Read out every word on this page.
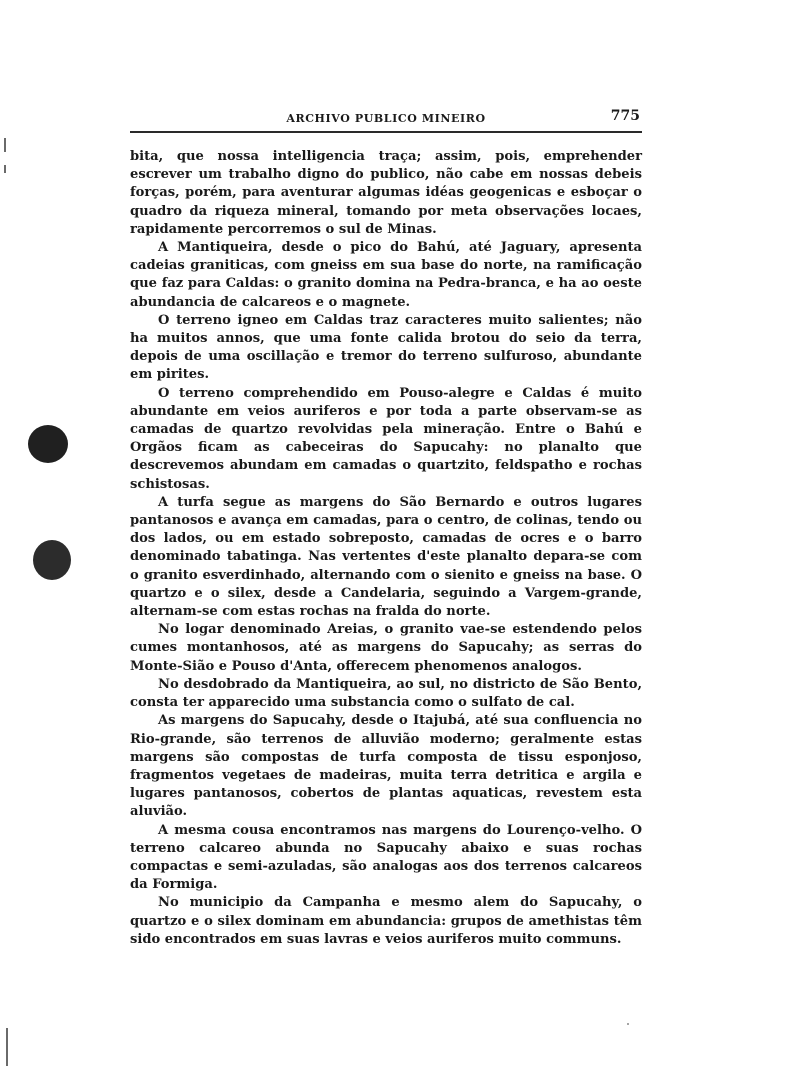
ARCHIVO PUBLICO MINEIRO	775

bita, que nossa intelligencia traça; assim, pois, emprehender escrever um trabalho digno do publico, não cabe em nossas debeis forças, porém, para aventurar algumas idéas geogenicas e esboçar o quadro da riqueza mineral, tomando por meta observações locaes, rapidamente percorremos o sul de Minas.

A Mantiqueira, desde o pico do Bahú, até Jaguary, apresenta cadeias graniticas, com gneiss em sua base do norte, na ramificação que faz para Caldas: o granito domina na Pedra-branca, e ha ao oeste abundancia de calcareos e o magnete.

O terreno igneo em Caldas traz caracteres muito salientes; não ha muitos annos, que uma fonte calida brotou do seio da terra, depois de uma oscillação e tremor do terreno sulfuroso, abundante em pirites.

O terreno comprehendido em Pouso-alegre e Caldas é muito abundante em veios auriferos e por toda a parte observam-se as camadas de quartzo revolvidas pela mineração. Entre o Bahú e Orgãos ficam as cabeceiras do Sapucahy: no planalto que descrevemos abundam em camadas o quartzito, feldspatho e rochas schistosas.

A turfa segue as margens do São Bernardo e outros lugares pantanosos e avança em camadas, para o centro, de colinas, tendo ou dos lados, ou em estado sobreposto, camadas de ocres e o barro denominado tabatinga. Nas vertentes d'este planalto depara-se com o granito esverdinhado, alternando com o sienito e gneiss na base. O quartzo e o silex, desde a Candelaria, seguindo a Vargem-grande, alternam-se com estas rochas na fralda do norte.

No logar denominado Areias, o granito vae-se estendendo pelos cumes montanhosos, até as margens do Sapucahy; as serras do Monte-Sião e Pouso d'Anta, offerecem phenomenos analogos.

No desdobrado da Mantiqueira, ao sul, no districto de São Bento, consta ter apparecido uma substancia como o sulfato de cal.

As margens do Sapucahy, desde o Itajubá, até sua confluencia no Rio-grande, são terrenos de alluvião moderno; geralmente estas margens são compostas de turfa composta de tissu esponjoso, fragmentos vegetaes de madeiras, muita terra detritica e argila e lugares pantanosos, cobertos de plantas aquaticas, revestem esta aluvião.

A mesma cousa encontramos nas margens do Lourenço-velho. O terreno calcareo abunda no Sapucahy abaixo e suas rochas compactas e semi-azuladas, são analogas aos dos terrenos calcareos da Formiga.

No municipio da Campanha e mesmo alem do Sapucahy, o quartzo e o silex dominam em abundancia: grupos de amethistas têm sido encontrados em suas lavras e veios auriferos muito communs.
